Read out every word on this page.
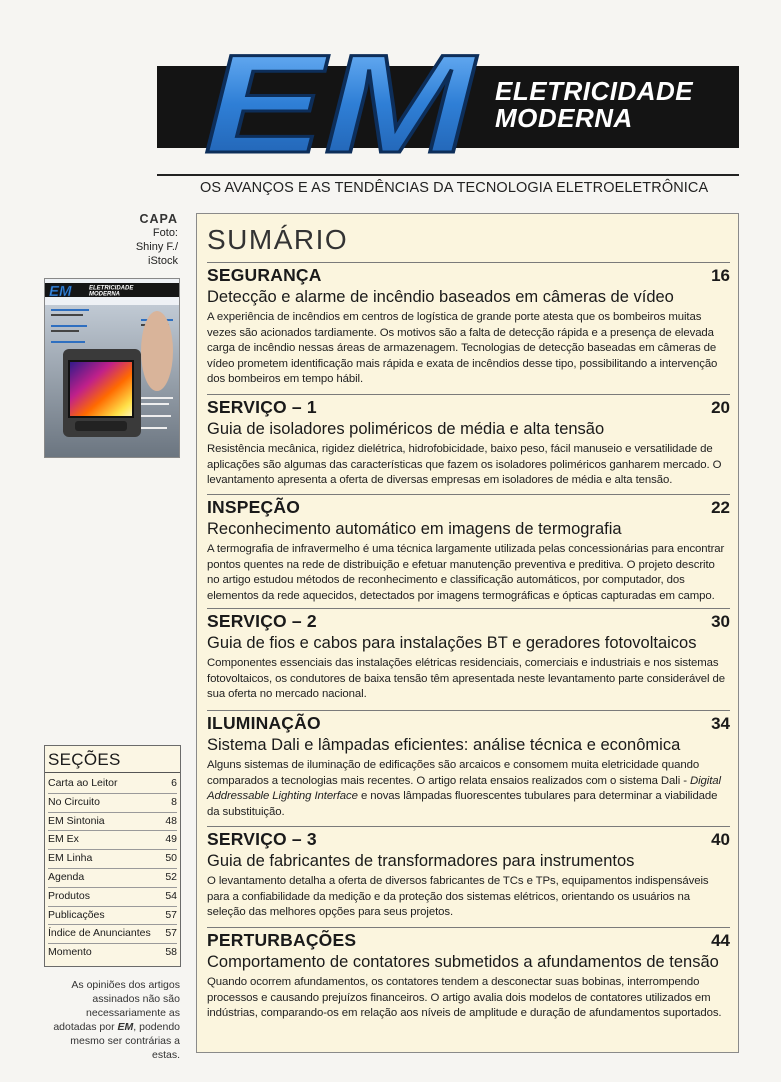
EM ELETRICIDADE
MODERNA
OS AVANÇOS E AS TENDÊNCIAS DA TECNOLOGIA ELETROELETRÔNICA
CAPA
Foto:
Shiny F./
iStock
EM	ELETRICIDADE
MODERNA
SEÇÕES
Carta ao Leitor	6
No Circuito	8
EM Sintonia	48
EM Ex	49
EM Linha	50
Agenda	52
Produtos	54
Publicações	57
Índice de Anunciantes 57
Momento	58
As opiniões dos artigos assinados não são necessariamente as adotadas por EM, podendo mesmo ser contrárias a estas.
SUMÁRIO
SEGURANÇA	16
Detecção e alarme de incêndio baseados em câmeras de vídeo
A experiência de incêndios em centros de logística de grande porte atesta que os bombeiros muitas vezes são acionados tardiamente. Os motivos são a falta de detecção rápida e a presença de elevada carga de incêndio nessas áreas de armazenagem. Tecnologias de detecção baseadas em câmeras de vídeo prometem identificação mais rápida e exata de incêndios desse tipo, possibilitando a intervenção dos bombeiros em tempo hábil.
SERVIÇO – 1	20
Guia de isoladores poliméricos de média e alta tensão
Resistência mecânica, rigidez dielétrica, hidrofobicidade, baixo peso, fácil manuseio e versatilidade de aplicações são algumas das características que fazem os isoladores poliméricos ganharem mercado. O levantamento apresenta a oferta de diversas empresas em isoladores de média e alta tensão.
INSPEÇÃO	22
Reconhecimento automático em imagens de termografia
A termografia de infravermelho é uma técnica largamente utilizada pelas concessionárias para encontrar pontos quentes na rede de distribuição e efetuar manutenção preventiva e preditiva. O projeto descrito no artigo estudou métodos de reconhecimento e classificação automáticos, por computador, dos elementos da rede aquecidos, detectados por imagens termográficas e ópticas capturadas em campo.
SERVIÇO – 2	30
Guia de fios e cabos para instalações BT e geradores fotovoltaicos
Componentes essenciais das instalações elétricas residenciais, comerciais e industriais e nos sistemas fotovoltaicos, os condutores de baixa tensão têm apresentada neste levantamento parte considerável de sua oferta no mercado nacional.
ILUMINAÇÃO	34
Sistema Dali e lâmpadas eficientes: análise técnica e econômica
Alguns sistemas de iluminação de edificações são arcaicos e consomem muita eletricidade quando comparados a tecnologias mais recentes. O artigo relata ensaios realizados com o sistema Dali - Digital Addressable Lighting Interface e novas lâmpadas fluorescentes tubulares para determinar a viabilidade da substituição.
SERVIÇO – 3	40
Guia de fabricantes de transformadores para instrumentos
O levantamento detalha a oferta de diversos fabricantes de TCs e TPs, equipamentos indispensáveis para a confiabilidade da medição e da proteção dos sistemas elétricos, orientando os usuários na seleção das melhores opções para seus projetos.
PERTURBAÇÕES	44
Comportamento de contatores submetidos a afundamentos de tensão
Quando ocorrem afundamentos, os contatores tendem a desconectar suas bobinas, interrompendo processos e causando prejuízos financeiros. O artigo avalia dois modelos de contatores utilizados em indústrias, comparando-os em relação aos níveis de amplitude e duração de afundamentos suportados.
